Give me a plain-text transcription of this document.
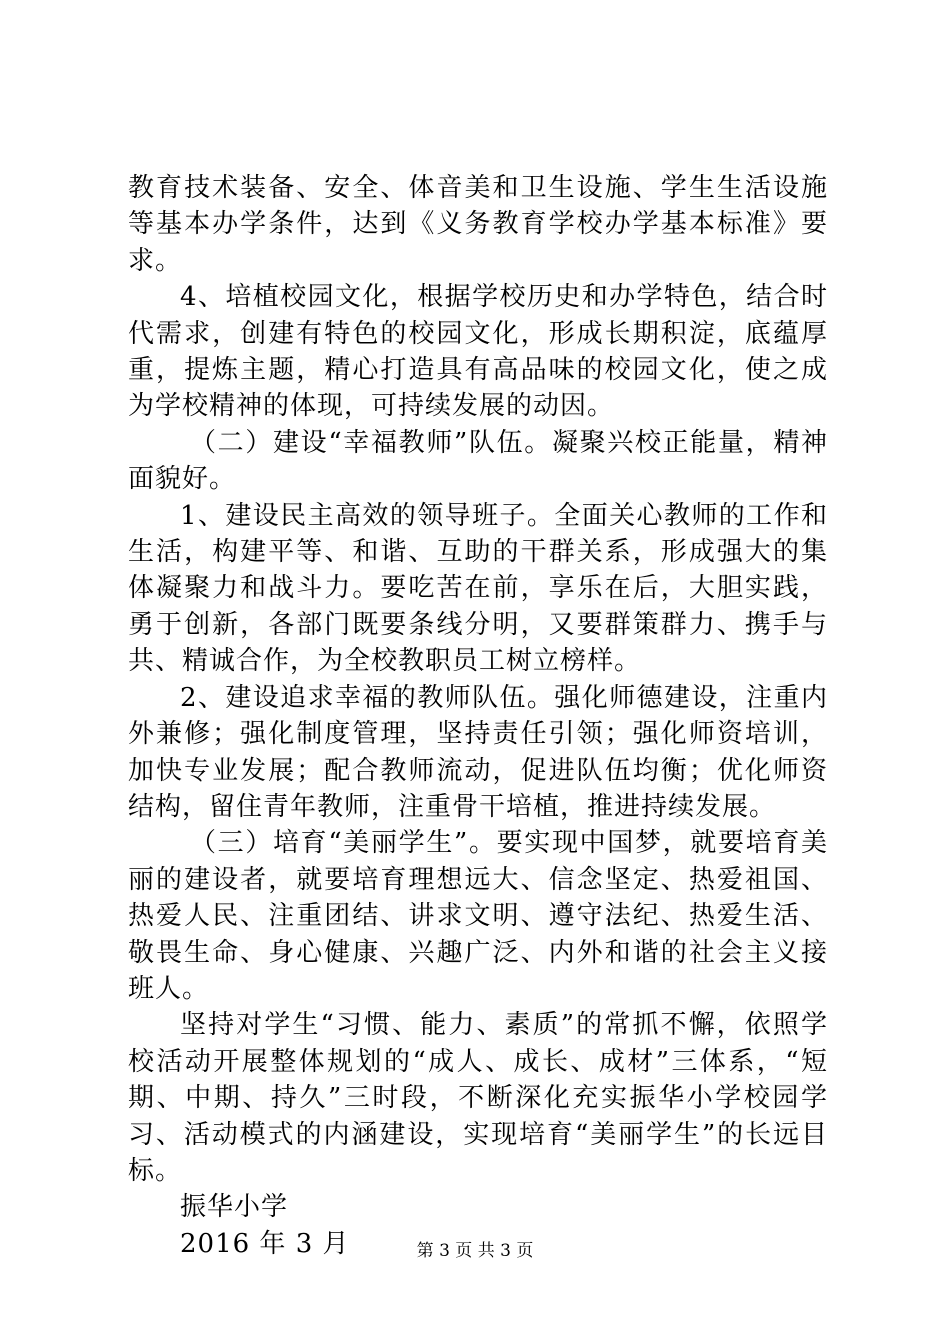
教育技术装备、安全、体音美和卫生设施、学生生活设施等基本办学条件，达到《义务教育学校办学基本标准》要求。

4、培植校园文化，根据学校历史和办学特色，结合时代需求，创建有特色的校园文化，形成长期积淀，底蕴厚重，提炼主题，精心打造具有高品味的校园文化，使之成为学校精神的体现，可持续发展的动因。

（二）建设“幸福教师”队伍。凝聚兴校正能量，精神面貌好。

1、建设民主高效的领导班子。全面关心教师的工作和生活，构建平等、和谐、互助的干群关系，形成强大的集体凝聚力和战斗力。要吃苦在前，享乐在后，大胆实践，勇于创新，各部门既要条线分明，又要群策群力、携手与共、精诚合作，为全校教职员工树立榜样。

2、建设追求幸福的教师队伍。强化师德建设，注重内外兼修；强化制度管理，坚持责任引领；强化师资培训，加快专业发展；配合教师流动，促进队伍均衡；优化师资结构，留住青年教师，注重骨干培植，推进持续发展。

（三）培育“美丽学生”。要实现中国梦，就要培育美丽的建设者，就要培育理想远大、信念坚定、热爱祖国、热爱人民、注重团结、讲求文明、遵守法纪、热爱生活、敬畏生命、身心健康、兴趣广泛、内外和谐的社会主义接班人。

坚持对学生“习惯、能力、素质”的常抓不懈，依照学校活动开展整体规划的“成人、成长、成材”三体系，“短期、中期、持久”三时段，不断深化充实振华小学校园学习、活动模式的内涵建设，实现培育“美丽学生”的长远目标。

振华小学

2016 年 3 月	第 3 页 共 3 页
